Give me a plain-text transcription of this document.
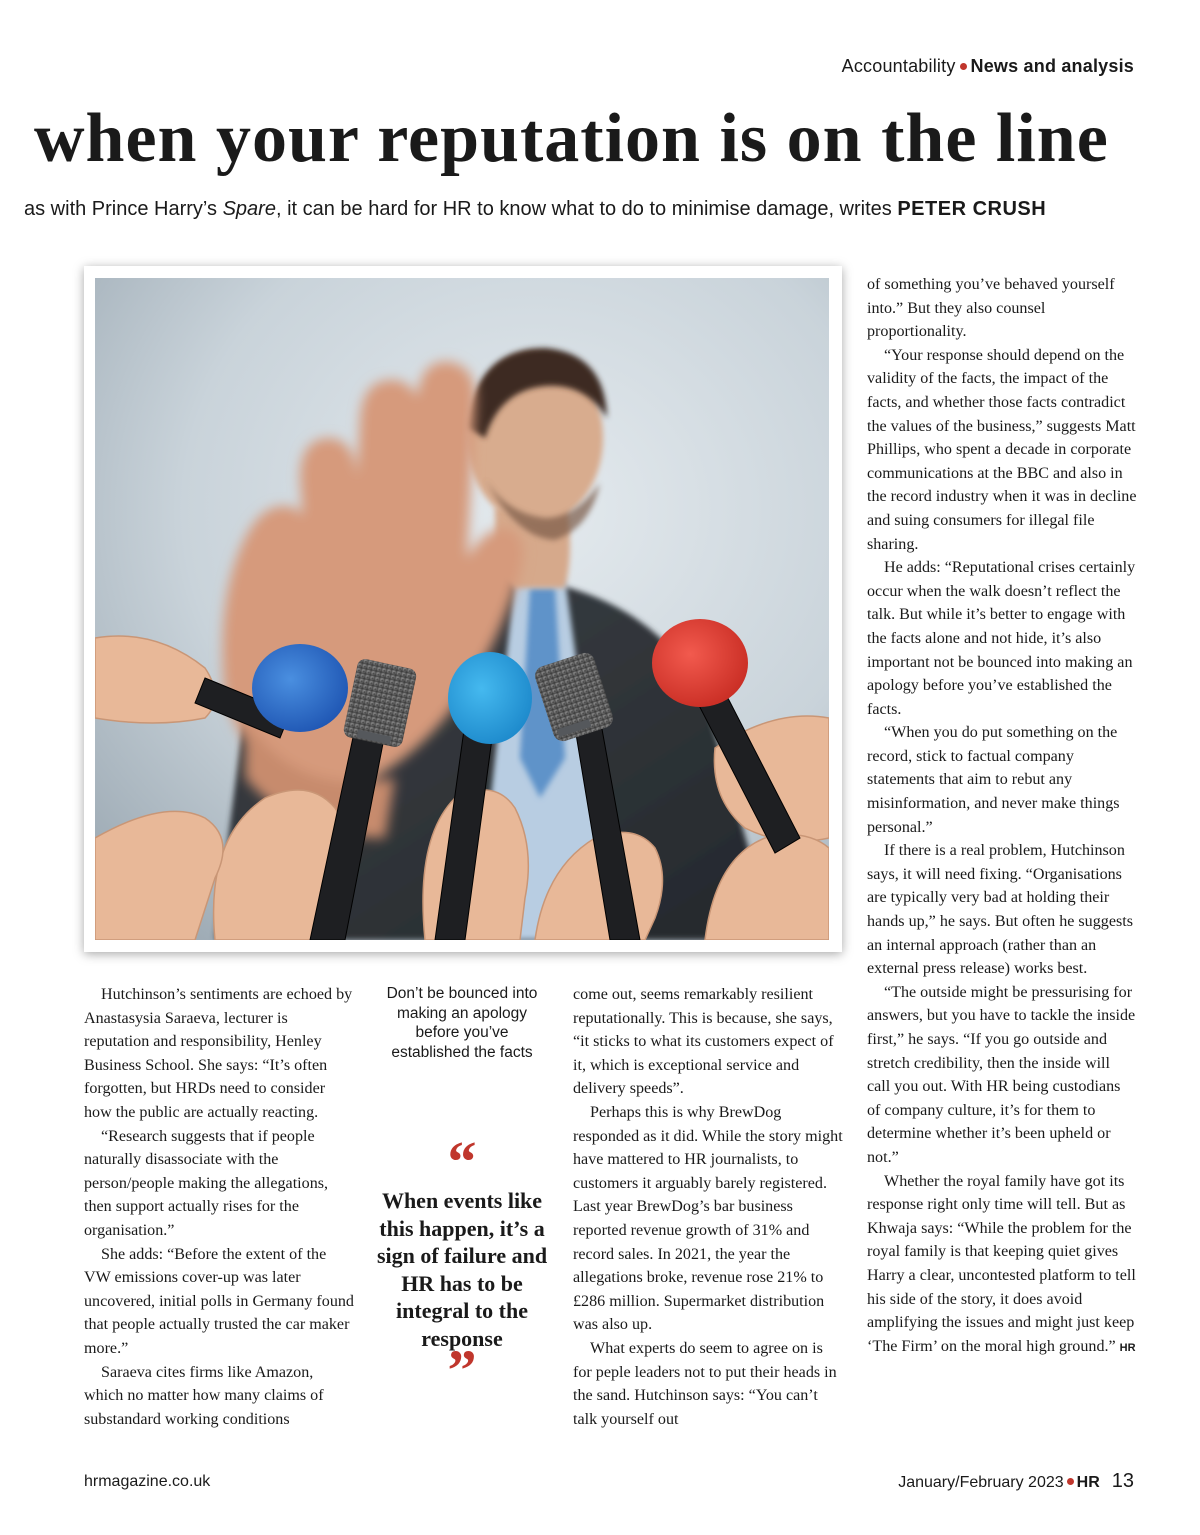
Accountability News and analysis
when your reputation is on the line

as with Prince Harry’s Spare, it can be hard for HR to know what to do to minimise damage, writes PETER CRUSH

Hutchinson’s sentiments are echoed by Anastasysia Saraeva, lecturer is reputation and responsibility, Henley Business School. She says: “It’s often forgotten, but HRDs need to consider how the public are actually reacting.

“Research suggests that if people naturally disassociate with the person/people making the allegations, then support actually rises for the organisation.”

She adds: “Before the extent of the VW emissions cover-up was later uncovered, initial polls in Germany found that people actually trusted the car maker more.”

Saraeva cites firms like Amazon, which no matter how many claims of substandard working conditions

Don’t be bounced into making an apology before you’ve established the facts
“
When events like this happen, it’s a sign of failure and HR has to be integral to the response
”

come out, seems remarkably resilient reputationally. This is because, she says, “it sticks to what its customers expect of it, which is exceptional service and delivery speeds”.

Perhaps this is why BrewDog responded as it did. While the story might have mattered to HR journalists, to customers it arguably barely registered. Last year BrewDog’s bar business reported revenue growth of 31% and record sales. In 2021, the year the allegations broke, revenue rose 21% to £286 million. Supermarket distribution was also up.

What experts do seem to agree on is for peple leaders not to put their heads in the sand. Hutchinson says: “You can’t talk yourself out

of something you’ve behaved yourself into.” But they also counsel proportionality.

“Your response should depend on the validity of the facts, the impact of the facts, and whether those facts contradict the values of the business,” suggests Matt Phillips, who spent a decade in corporate communications at the BBC and also in the record industry when it was in decline and suing consumers for illegal file sharing.

He adds: “Reputational crises certainly occur when the walk doesn’t reflect the talk. But while it’s better to engage with the facts alone and not hide, it’s also important not be bounced into making an apology before you’ve established the facts.

“When you do put something on the record, stick to factual company statements that aim to rebut any misinformation, and never make things personal.”

If there is a real problem, Hutchinson says, it will need fixing. “Organisations are typically very bad at holding their hands up,” he says. But often he suggests an internal approach (rather than an external press release) works best.

“The outside might be pressurising for answers, but you have to tackle the inside first,” he says. “If you go outside and stretch credibility, then the inside will call you out. With HR being custodians of company culture, it’s for them to determine whether it’s been upheld or not.”

Whether the royal family have got its response right only time will tell. But as Khwaja says: “While the problem for the royal family is that keeping quiet gives Harry a clear, uncontested platform to tell his side of the story, it does avoid amplifying the issues and might just keep ‘The Firm’ on the moral high ground.” HR

hrmagazine.co.uk	January/February 2023 HR 13
